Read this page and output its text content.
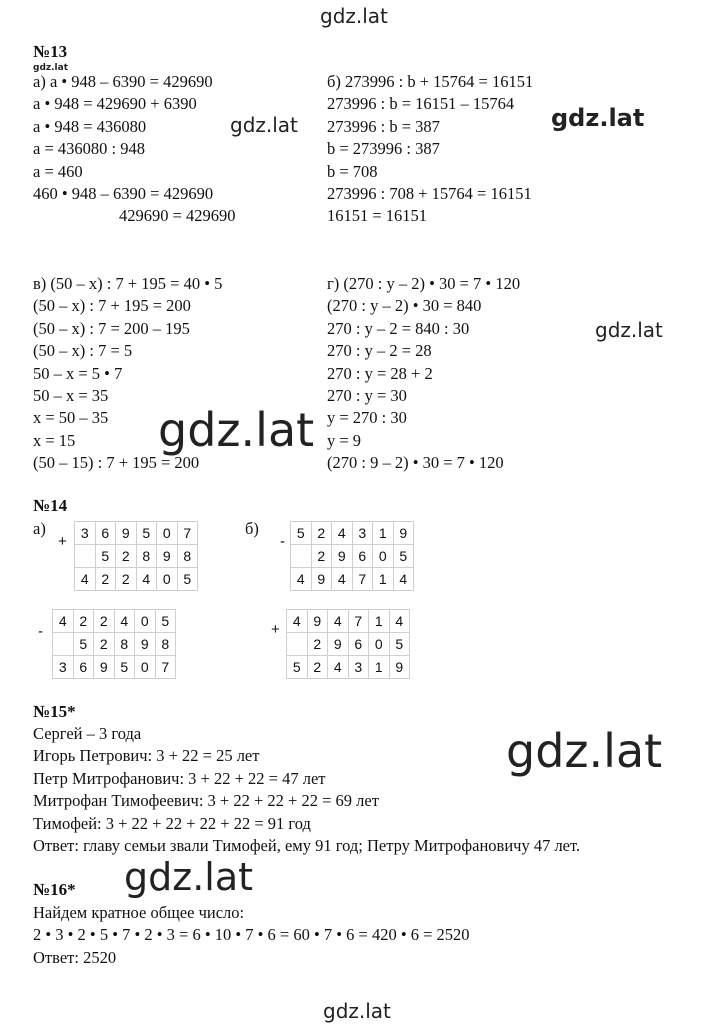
gdz.lat
gdz.lat
gdz.lat	gdz.lat
gdz.lat
gdz.lat
gdz.lat
gdz.lat
gdz.lat
№13
а) а • 948 – 6390 = 429690
а • 948 = 429690 + 6390
а • 948 = 436080
а = 436080 : 948
а = 460
460 • 948 – 6390 = 429690
429690 = 429690
б) 273996 : b + 15764 = 16151
273996 : b = 16151 – 15764
273996 : b = 387
b = 273996 : 387
b = 708
273996 : 708 + 15764 = 16151
16151 = 16151
в) (50 – х) : 7 + 195 = 40 • 5
(50 – х) : 7 + 195 = 200
(50 – х) : 7 = 200 – 195
(50 – х) : 7 = 5
50 – х = 5 • 7
50 – х = 35
х = 50 – 35
х = 15
(50 – 15) : 7 + 195 = 200
г) (270 : у – 2) • 30 = 7 • 120
(270 : у – 2) • 30 = 840
270 : у – 2 = 840 : 30
270 : у – 2 = 28
270 : у = 28 + 2
270 : у = 30
у = 270 : 30
у = 9
(270 : 9 – 2) • 30 = 7 • 120
№14
а)	б)
+ 3	6	9	5	0	7
	5	2	8	9	8
4	2	2	4	0	5
- 5	2	4	3	1	9
	2	9	6	0	5
4	9	4	7	1	4
-
4	2	2	4	0	5
	5	2	8	9	8
3	6	9	5	0	7
+ 4	9	4	7	1	4
	2	9	6	0	5
5	2	4	3	1	9
№15*
Сергей – 3 года
Игорь Петрович: 3 + 22 = 25 лет
Петр Митрофанович: 3 + 22 + 22 = 47 лет
Митрофан Тимофеевич: 3 + 22 + 22 + 22 = 69 лет
Тимофей: 3 + 22 + 22 + 22 + 22 = 91 год
Ответ: главу семьи звали Тимофей, ему 91 год; Петру Митрофановичу 47 лет.
№16*
Найдем кратное общее число:
2 • 3 • 2 • 5 • 7 • 2 • 3 = 6 • 10 • 7 • 6 = 60 • 7 • 6 = 420 • 6 = 2520
Ответ: 2520
